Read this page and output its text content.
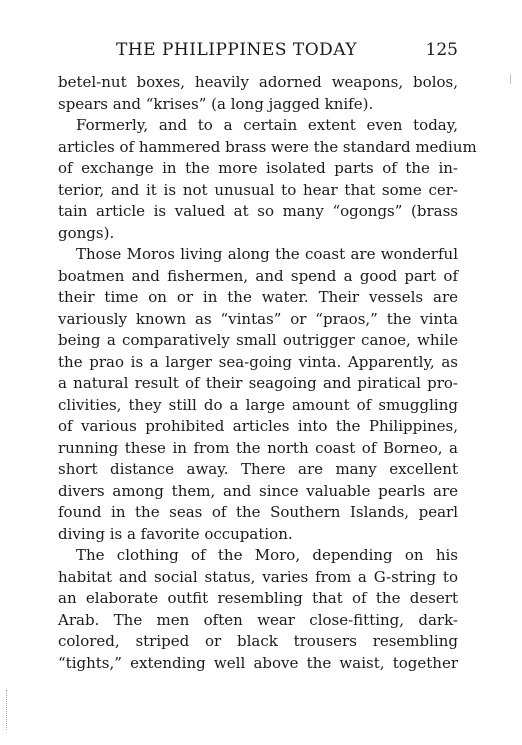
THE PHILIPPINES TODAY	125
betel-nut boxes, heavily adorned weapons, bolos,
spears and “krises” (a long jagged knife).
Formerly, and to a certain extent even today,
articles of hammered brass were the standard medium
of exchange in the more isolated parts of the in-
terior, and it is not unusual to hear that some cer-
tain article is valued at so many “ogongs” (brass
gongs).
Those Moros living along the coast are wonderful
boatmen and fishermen, and spend a good part of
their time on or in the water. Their vessels are
variously known as “vintas” or “praos,” the vinta
being a comparatively small outrigger canoe, while
the prao is a larger sea-going vinta. Apparently, as
a natural result of their seagoing and piratical pro-
clivities, they still do a large amount of smuggling
of various prohibited articles into the Philippines,
running these in from the north coast of Borneo, a
short distance away. There are many excellent
divers among them, and since valuable pearls are
found in the seas of the Southern Islands, pearl
diving is a favorite occupation.
The clothing of the Moro, depending on his
habitat and social status, varies from a G-string to
an elaborate outfit resembling that of the desert
Arab. The men often wear close-fitting, dark-
colored, striped or black trousers resembling
“tights,” extending well above the waist, together
